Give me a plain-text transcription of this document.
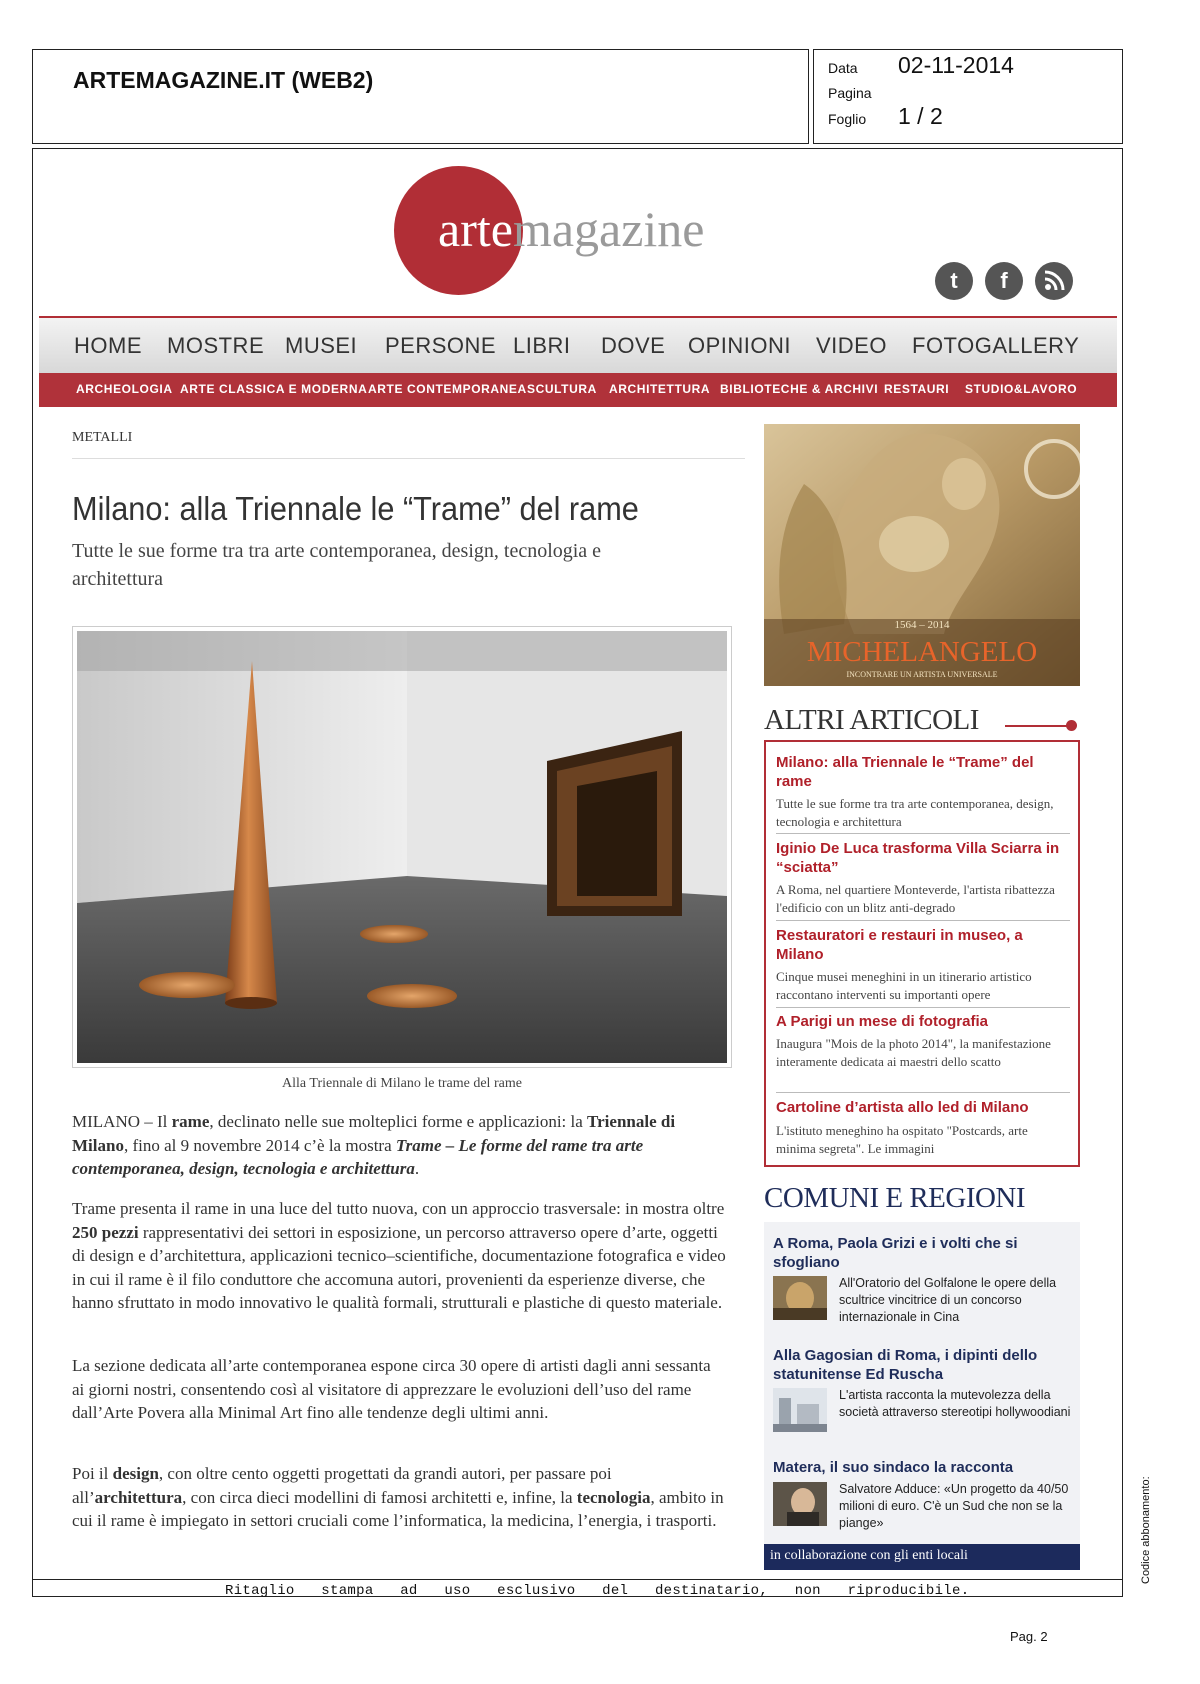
ARTEMAGAZINE.IT (WEB2)	Data 02-11-2014
Pagina
Foglio 1 / 2
artemagazine
t	f
HOME MOSTRE MUSEI PERSONE LIBRI DOVE OPINIONI VIDEO FOTOGALLERY
ARCHEOLOGIA ARTE CLASSICA E MODERNA ARTE CONTEMPORANEA SCULTURA ARCHITETTURA BIBLIOTECHE & ARCHIVI RESTAURI STUDIO&LAVORO
METALLI
Milano: alla Triennale le “Trame” del rame
Tutte le sue forme tra tra arte contemporanea, design, tecnologia e architettura
Alla Triennale di Milano le trame del rame
MILANO – Il rame, declinato nelle sue molteplici forme e applicazioni: la Triennale di Milano, fino al 9 novembre 2014 c’è la mostra Trame – Le forme del rame tra arte contemporanea, design, tecnologia e architettura.
Trame presenta il rame in una luce del tutto nuova, con un approccio trasversale: in mostra oltre 250 pezzi rappresentativi dei settori in esposizione, un percorso attraverso opere d’arte, oggetti di design e d’architettura, applicazioni tecnico–scientifiche, documentazione fotografica e video in cui il rame è il filo conduttore che accomuna autori, provenienti da esperienze diverse, che hanno sfruttato in modo innovativo le qualità formali, strutturali e plastiche di questo materiale.
La sezione dedicata all’arte contemporanea espone circa 30 opere di artisti dagli anni sessanta ai giorni nostri, consentendo così al visitatore di apprezzare le evoluzioni dell’uso del rame dall’Arte Povera alla Minimal Art fino alle tendenze degli ultimi anni.
Poi il design, con oltre cento oggetti progettati da grandi autori, per passare poi all’architettura, con circa dieci modellini di famosi architetti e, infine, la tecnologia, ambito in cui il rame è impiegato in settori cruciali come l’informatica, la medicina, l’energia, i trasporti.
1564 – 2014
MICHELANGELO
INCONTRARE UN ARTISTA UNIVERSALE
ALTRI ARTICOLI
Milano: alla Triennale le “Trame” del rame
Tutte le sue forme tra tra arte contemporanea, design, tecnologia e architettura
Iginio De Luca trasforma Villa Sciarra in “sciatta”
A Roma, nel quartiere Monteverde, l'artista ribattezza l'edificio con un blitz anti-degrado
Restauratori e restauri in museo, a Milano
Cinque musei meneghini in un itinerario artistico raccontano interventi su importanti opere
A Parigi un mese di fotografia
Inaugura "Mois de la photo 2014", la manifestazione interamente dedicata ai maestri dello scatto
Cartoline d’artista allo led di Milano
L'istituto meneghino ha ospitato "Postcards, arte minima segreta". Le immagini
COMUNI E REGIONI
A Roma, Paola Grizi e i volti che si sfogliano
All'Oratorio del Golfalone le opere della scultrice vincitrice di un concorso internazionale in Cina
Alla Gagosian di Roma, i dipinti dello statunitense Ed Ruscha
L'artista racconta la mutevolezza della società attraverso stereotipi hollywoodiani
Matera, il suo sindaco la racconta
Salvatore Adduce: «Un progetto da 40/50 milioni di euro. C'è un Sud che non se la piange»
in collaborazione con gli enti locali
Ritaglio stampa ad uso esclusivo del destinatario, non riproducibile.
Pag. 2
Codice abbonamento:
